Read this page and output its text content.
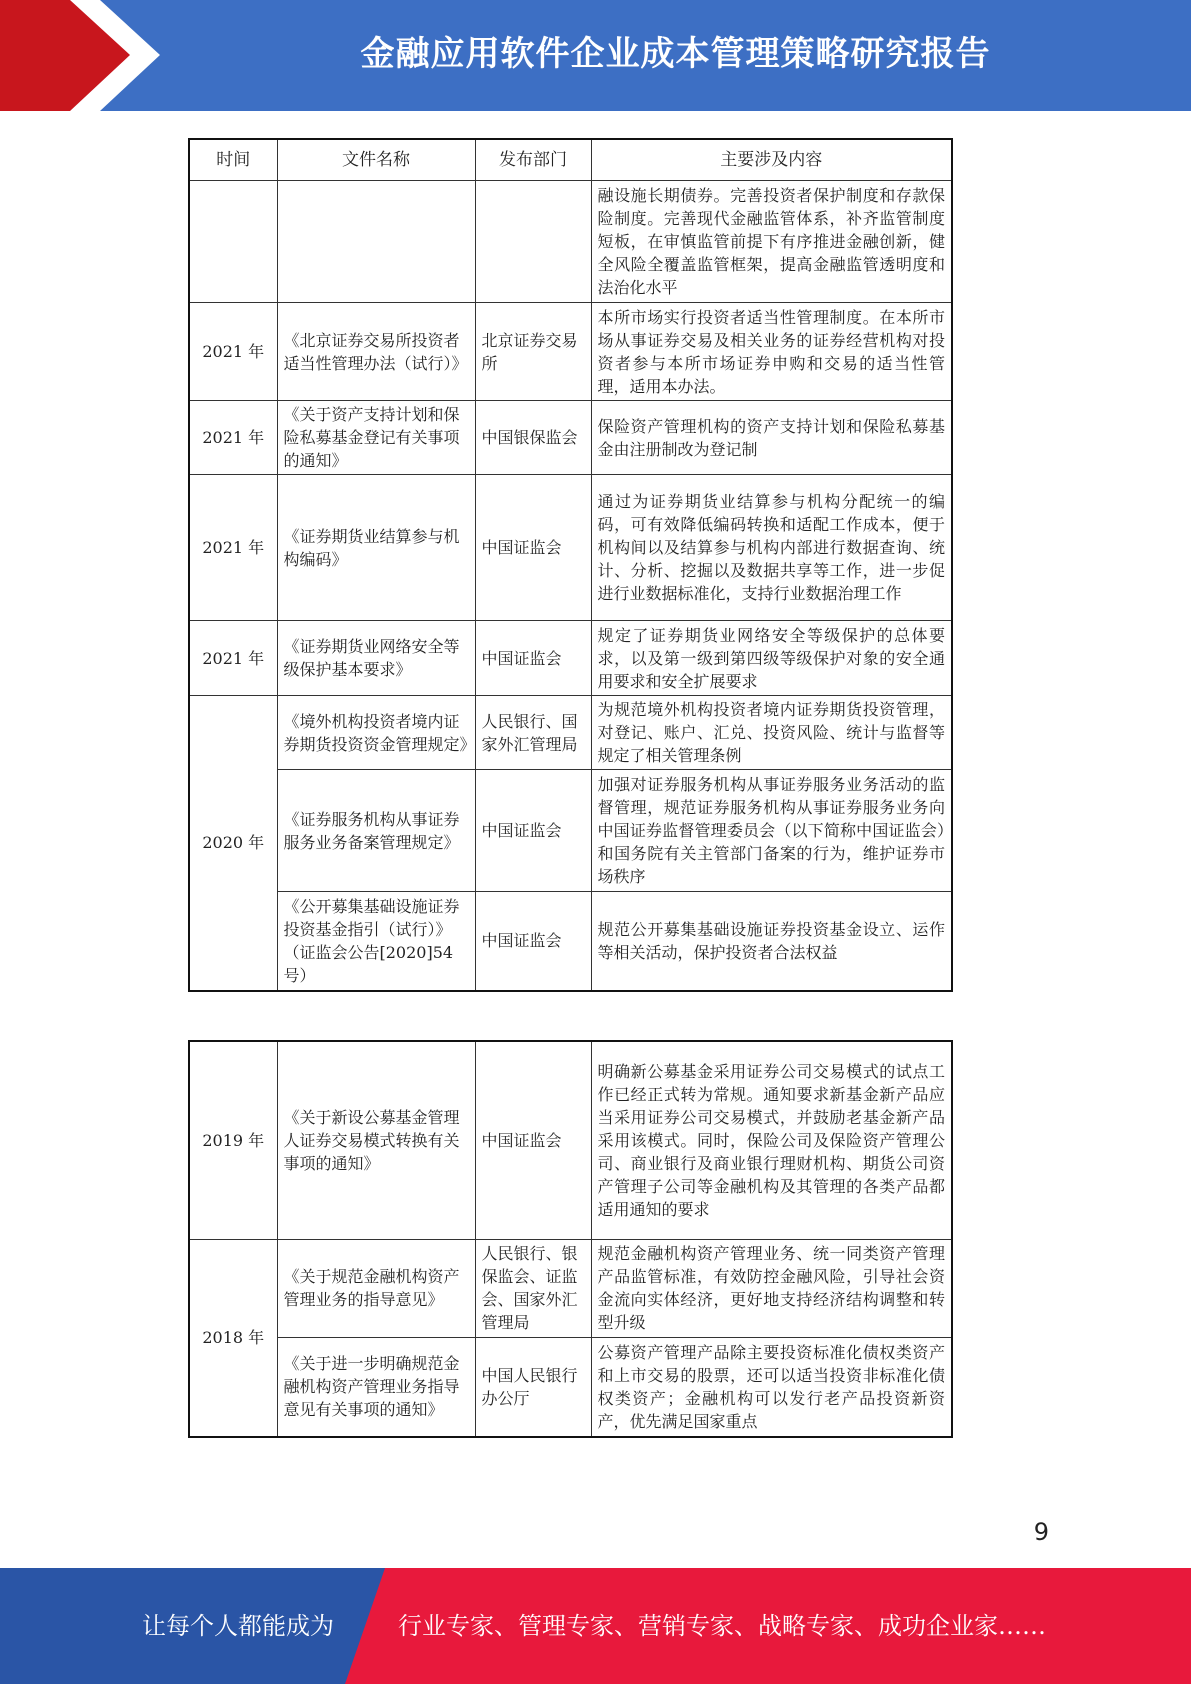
金融应用软件企业成本管理策略研究报告
时间	文件名称	发布部门	主要涉及内容
			融设施长期债券。完善投资者保护制度和存款保险制度。完善现代金融监管体系，补齐监管制度短板，在审慎监管前提下有序推进金融创新，健全风险全覆盖监管框架，提高金融监管透明度和法治化水平
2021 年	《北京证券交易所投资者适当性管理办法（试行）》	北京证券交易所	本所市场实行投资者适当性管理制度。在本所市场从事证券交易及相关业务的证券经营机构对投资者参与本所市场证券申购和交易的适当性管理，适用本办法。
2021 年	《关于资产支持计划和保险私募基金登记有关事项的通知》	中国银保监会	保险资产管理机构的资产支持计划和保险私募基金由注册制改为登记制
2021 年	《证券期货业结算参与机构编码》	中国证监会	通过为证券期货业结算参与机构分配统一的编码，可有效降低编码转换和适配工作成本，便于机构间以及结算参与机构内部进行数据查询、统计、分析、挖掘以及数据共享等工作，进一步促进行业数据标准化，支持行业数据治理工作
2021 年	《证券期货业网络安全等级保护基本要求》	中国证监会	规定了证券期货业网络安全等级保护的总体要求，以及第一级到第四级等级保护对象的安全通用要求和安全扩展要求
2020 年	《境外机构投资者境内证券期货投资资金管理规定》	人民银行、国家外汇管理局	为规范境外机构投资者境内证券期货投资管理，对登记、账户、汇兑、投资风险、统计与监督等规定了相关管理条例
	《证券服务机构从事证券服务业务备案管理规定》	中国证监会	加强对证券服务机构从事证券服务业务活动的监督管理，规范证券服务机构从事证券服务业务向中国证券监督管理委员会（以下简称中国证监会）和国务院有关主管部门备案的行为，维护证券市场秩序
	《公开募集基础设施证券投资基金指引（试行）》（证监会公告[2020]54 号）	中国证监会	规范公开募集基础设施证券投资基金设立、运作等相关活动，保护投资者合法权益
2019 年	《关于新设公募基金管理人证券交易模式转换有关事项的通知》	中国证监会	明确新公募基金采用证券公司交易模式的试点工作已经正式转为常规。通知要求新基金新产品应当采用证券公司交易模式，并鼓励老基金新产品采用该模式。同时，保险公司及保险资产管理公司、商业银行及商业银行理财机构、期货公司资产管理子公司等金融机构及其管理的各类产品都适用通知的要求
2018 年	《关于规范金融机构资产管理业务的指导意见》	人民银行、银保监会、证监会、国家外汇管理局	规范金融机构资产管理业务、统一同类资产管理产品监管标准，有效防控金融风险，引导社会资金流向实体经济，更好地支持经济结构调整和转型升级
	《关于进一步明确规范金融机构资产管理业务指导意见有关事项的通知》	中国人民银行办公厅	公募资产管理产品除主要投资标准化债权类资产和上市交易的股票，还可以适当投资非标准化债权类资产；金融机构可以发行老产品投资新资产，优先满足国家重点
9
让每个人都能成为	行业专家、管理专家、营销专家、战略专家、成功企业家……
